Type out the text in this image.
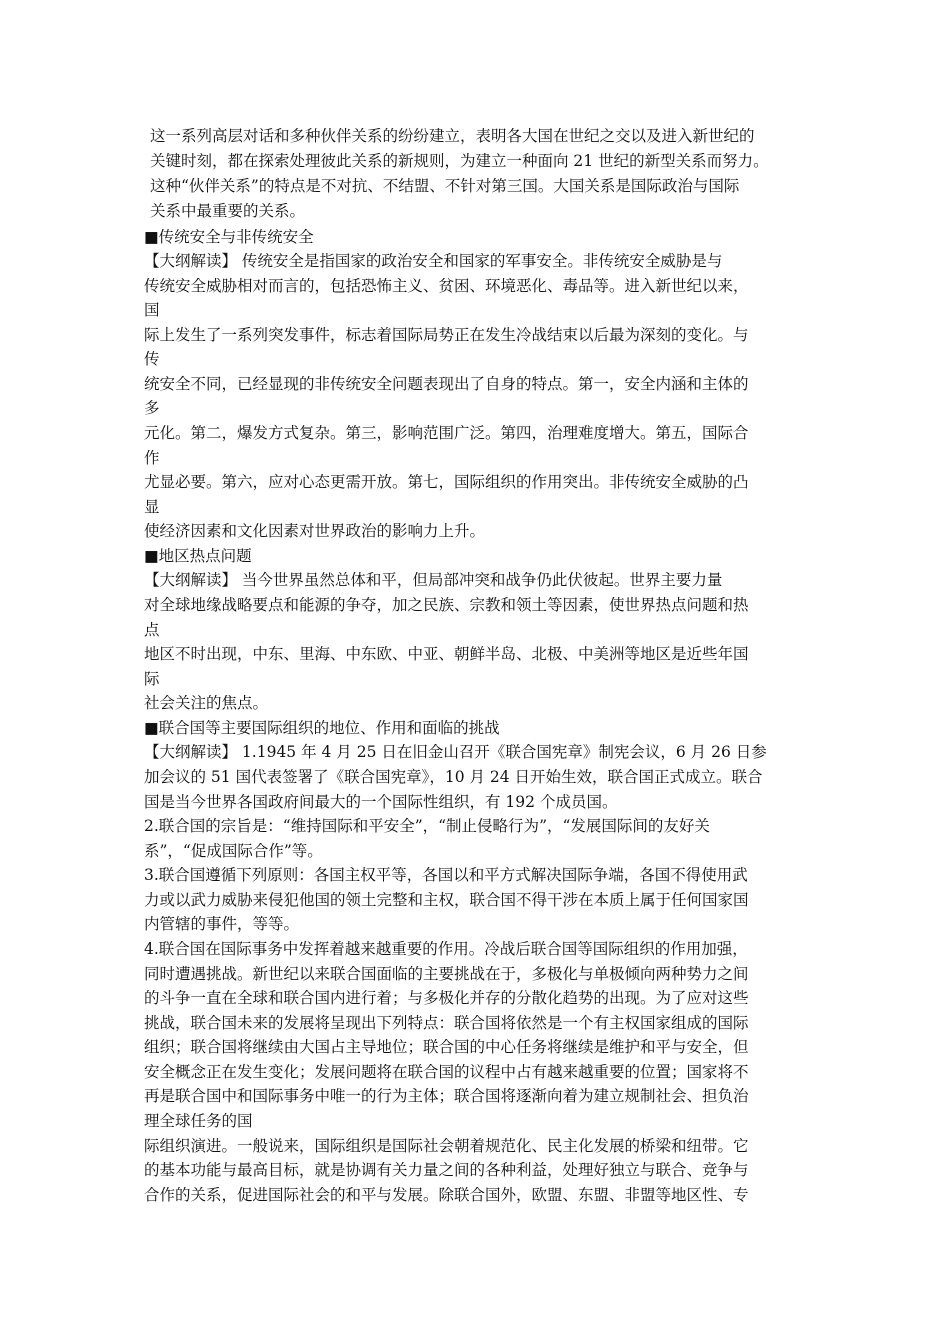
这一系列高层对话和多种伙伴关系的纷纷建立，表明各大国在世纪之交以及进入新世纪的
关键时刻，都在探索处理彼此关系的新规则，为建立一种面向 21 世纪的新型关系而努力。
这种“伙伴关系”的特点是不对抗、不结盟、不针对第三国。大国关系是国际政治与国际
关系中最重要的关系。
■传统安全与非传统安全
【大纲解读】 传统安全是指国家的政治安全和国家的军事安全。非传统安全威胁是与
传统安全威胁相对而言的，包括恐怖主义、贫困、环境恶化、毒品等。进入新世纪以来，
国
际上发生了一系列突发事件，标志着国际局势正在发生冷战结束以后最为深刻的变化。与
传
统安全不同，已经显现的非传统安全问题表现出了自身的特点。第一，安全内涵和主体的
多
元化。第二，爆发方式复杂。第三，影响范围广泛。第四，治理难度增大。第五，国际合
作
尤显必要。第六，应对心态更需开放。第七，国际组织的作用突出。非传统安全威胁的凸
显
使经济因素和文化因素对世界政治的影响力上升。
■地区热点问题
【大纲解读】 当今世界虽然总体和平，但局部冲突和战争仍此伏彼起。世界主要力量
对全球地缘战略要点和能源的争夺，加之民族、宗教和领土等因素，使世界热点问题和热
点
地区不时出现，中东、里海、中东欧、中亚、朝鲜半岛、北极、中美洲等地区是近些年国
际
社会关注的焦点。
■联合国等主要国际组织的地位、作用和面临的挑战
【大纲解读】 1.1945 年 4 月 25 日在旧金山召开《联合国宪章》制宪会议，6 月 26 日参
加会议的 51 国代表签署了《联合国宪章》，10 月 24 日开始生效，联合国正式成立。联合
国是当今世界各国政府间最大的一个国际性组织，有 192 个成员国。
2.联合国的宗旨是：“维持国际和平安全”，“制止侵略行为”，“发展国际间的友好关
系”，“促成国际合作”等。
3.联合国遵循下列原则：各国主权平等，各国以和平方式解决国际争端，各国不得使用武
力或以武力威胁来侵犯他国的领土完整和主权，联合国不得干涉在本质上属于任何国家国
内管辖的事件，等等。
4.联合国在国际事务中发挥着越来越重要的作用。冷战后联合国等国际组织的作用加强，
同时遭遇挑战。新世纪以来联合国面临的主要挑战在于，多极化与单极倾向两种势力之间
的斗争一直在全球和联合国内进行着；与多极化并存的分散化趋势的出现。为了应对这些
挑战，联合国未来的发展将呈现出下列特点：联合国将依然是一个有主权国家组成的国际
组织；联合国将继续由大国占主导地位；联合国的中心任务将继续是维护和平与安全，但
安全概念正在发生变化；发展问题将在联合国的议程中占有越来越重要的位置；国家将不
再是联合国中和国际事务中唯一的行为主体；联合国将逐渐向着为建立规制社会、担负治
理全球任务的国
际组织演进。一般说来，国际组织是国际社会朝着规范化、民主化发展的桥梁和纽带。它
的基本功能与最高目标，就是协调有关力量之间的各种利益，处理好独立与联合、竞争与
合作的关系，促进国际社会的和平与发展。除联合国外，欧盟、东盟、非盟等地区性、专
